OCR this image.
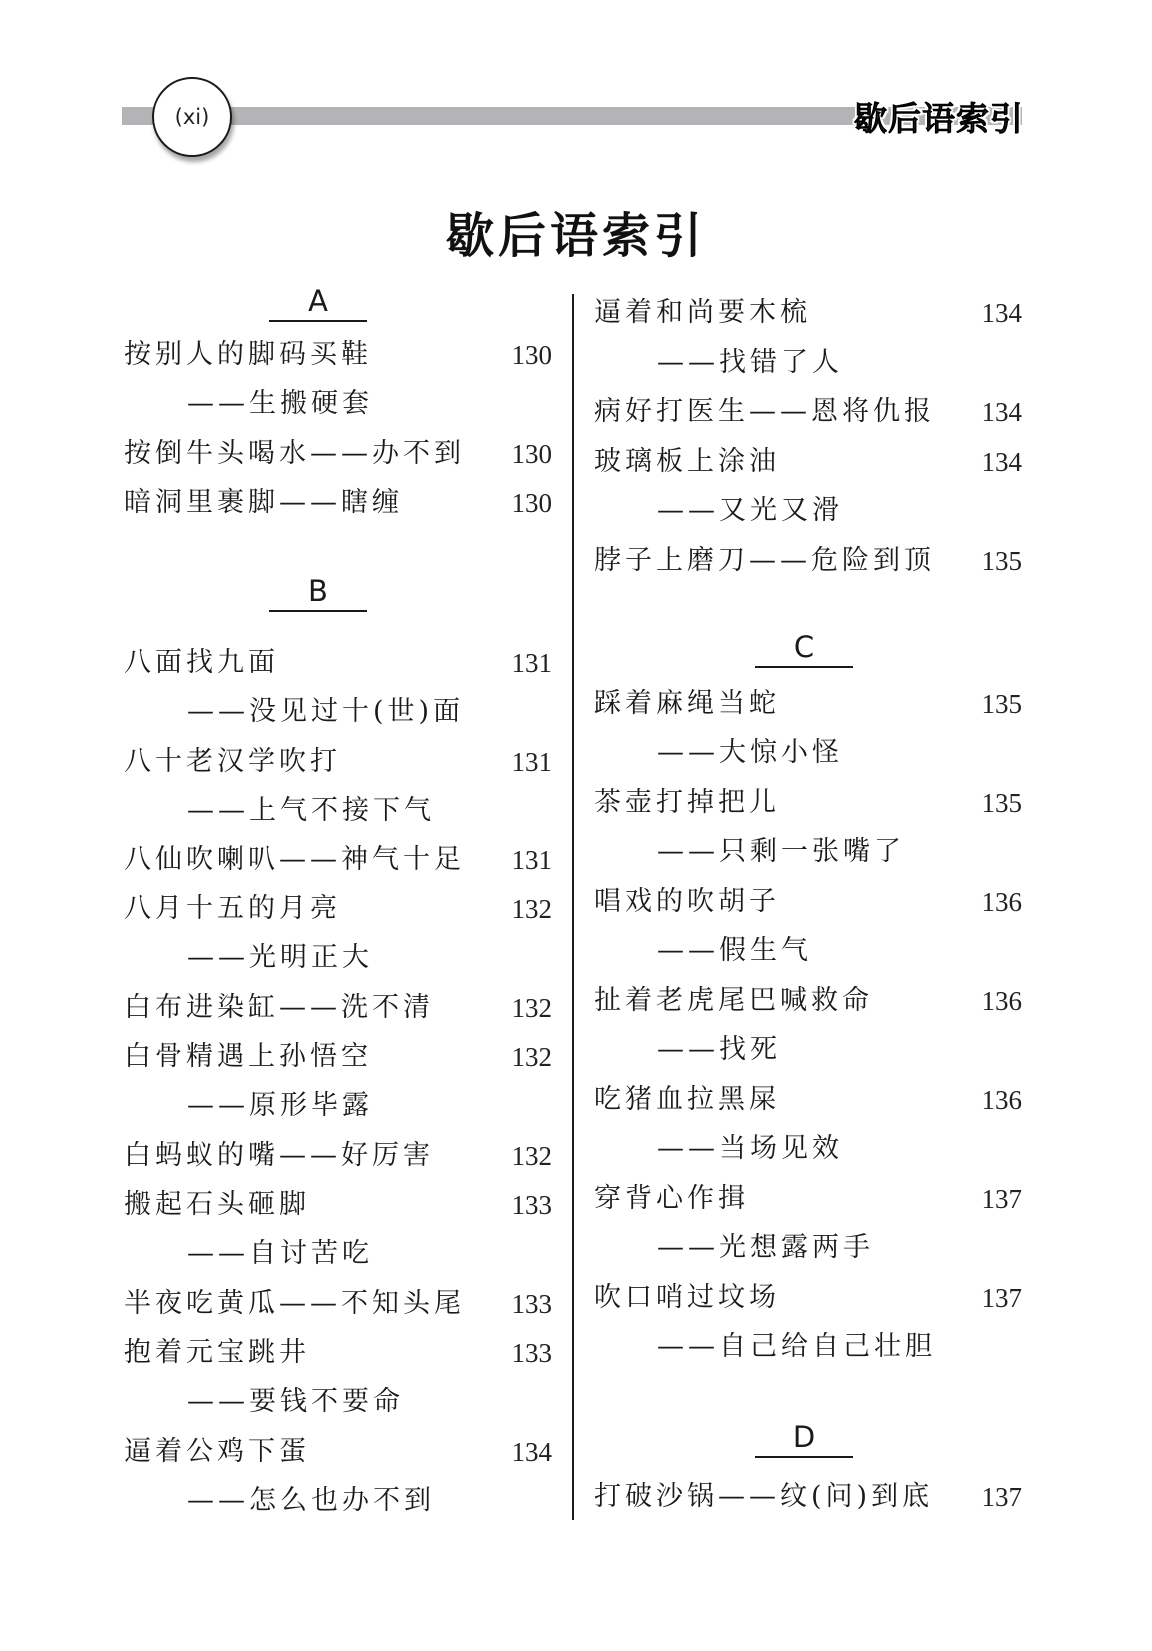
(xi)	歇后语索引
歇后语索引
A
按别人的脚码买鞋	130
——生搬硬套
按倒牛头喝水——办不到 130
暗洞里裹脚——瞎缠	130
B
八面找九面	131
——没见过十(世)面
八十老汉学吹打	131
——上气不接下气
八仙吹喇叭——神气十足 131
八月十五的月亮	132
——光明正大
白布进染缸——洗不清	132
白骨精遇上孙悟空	132
——原形毕露
白蚂蚁的嘴——好厉害	132
搬起石头砸脚	133
——自讨苦吃
半夜吃黄瓜——不知头尾 133
抱着元宝跳井	133
——要钱不要命
逼着公鸡下蛋	134
——怎么也办不到
逼着和尚要木梳	134
——找错了人
病好打医生——恩将仇报 134
玻璃板上涂油	134
——又光又滑
脖子上磨刀——危险到顶 135
C
踩着麻绳当蛇	135
——大惊小怪
茶壶打掉把儿	135
——只剩一张嘴了
唱戏的吹胡子	136
——假生气
扯着老虎尾巴喊救命	136
——找死
吃猪血拉黑屎	136
——当场见效
穿背心作揖	137
——光想露两手
吹口哨过坟场	137
——自己给自己壮胆
D
打破沙锅——纹(问)到底 137
